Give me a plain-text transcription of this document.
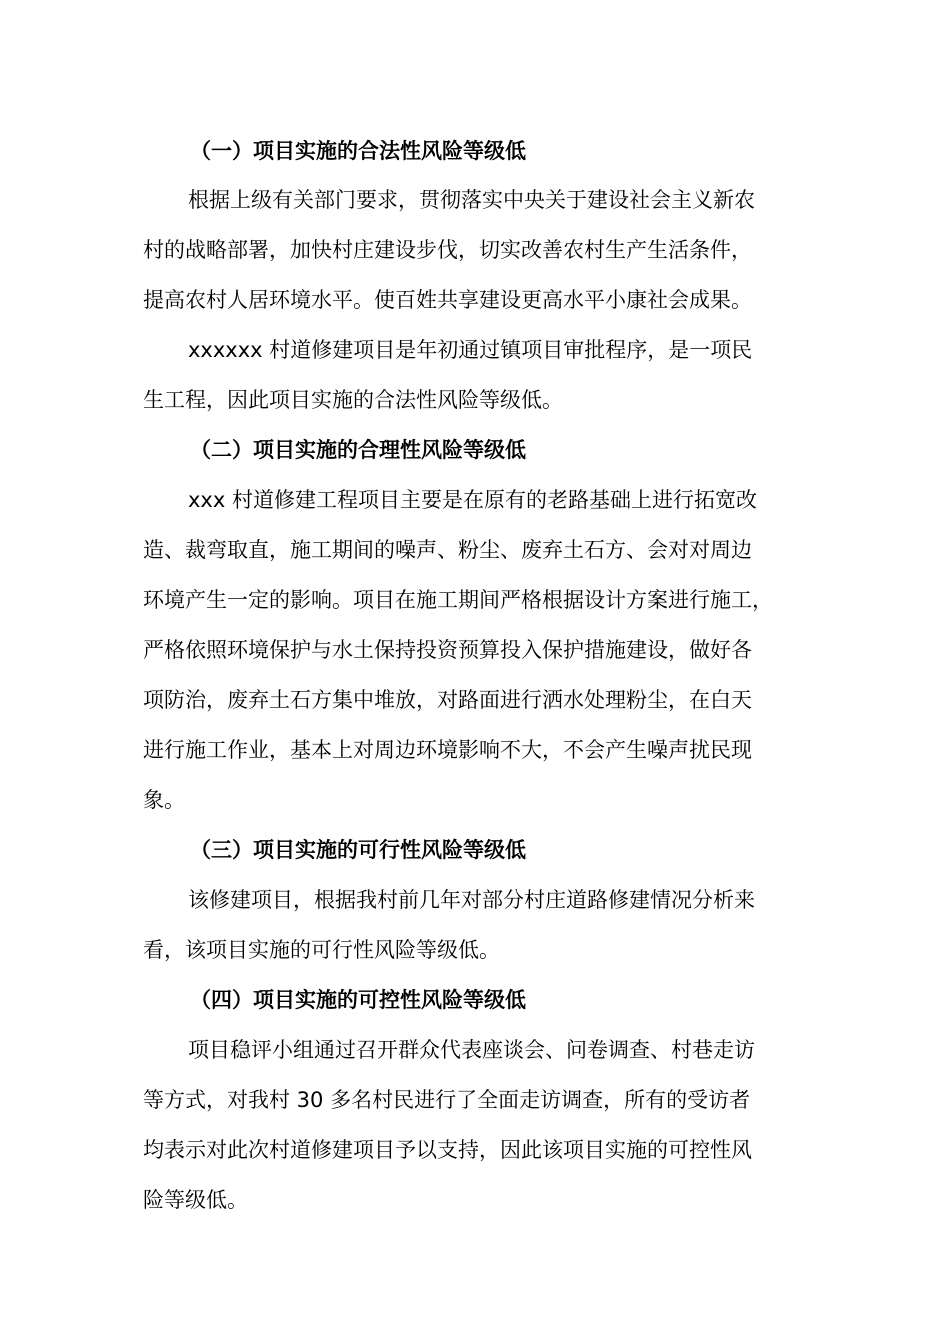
（一）项目实施的合法性风险等级低
根据上级有关部门要求，贯彻落实中央关于建设社会主义新农
村的战略部署，加快村庄建设步伐，切实改善农村生产生活条件，
提高农村人居环境水平。使百姓共享建设更高水平小康社会成果。
xxxxxx 村道修建项目是年初通过镇项目审批程序，是一项民
生工程，因此项目实施的合法性风险等级低。
（二）项目实施的合理性风险等级低
xxx 村道修建工程项目主要是在原有的老路基础上进行拓宽改
造、裁弯取直，施工期间的噪声、粉尘、废弃土石方、会对对周边
环境产生一定的影响。项目在施工期间严格根据设计方案进行施工，
严格依照环境保护与水土保持投资预算投入保护措施建设，做好各
项防治，废弃土石方集中堆放，对路面进行洒水处理粉尘，在白天
进行施工作业，基本上对周边环境影响不大，不会产生噪声扰民现
象。
（三）项目实施的可行性风险等级低
该修建项目，根据我村前几年对部分村庄道路修建情况分析来
看，该项目实施的可行性风险等级低。
（四）项目实施的可控性风险等级低
项目稳评小组通过召开群众代表座谈会、问卷调查、村巷走访
等方式，对我村 30 多名村民进行了全面走访调查，所有的受访者
均表示对此次村道修建项目予以支持，因此该项目实施的可控性风
险等级低。
